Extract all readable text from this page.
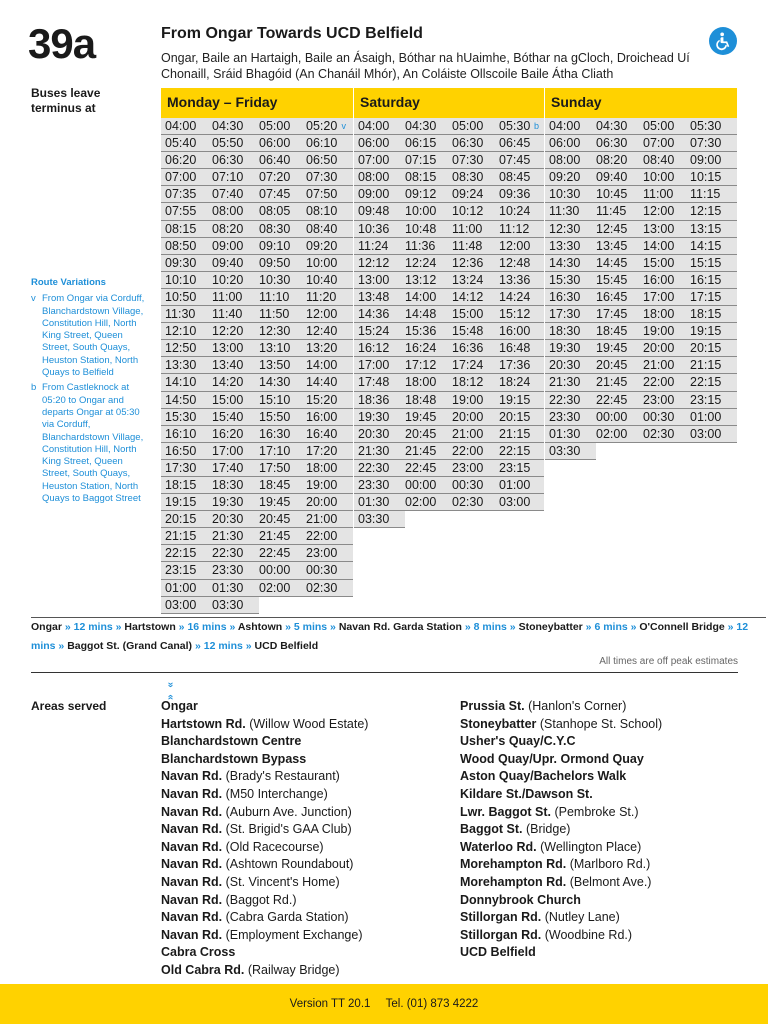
39a	From Ongar Towards UCD Belfield
Ongar, Baile an Hartaigh, Baile an Ásaigh, Bóthar na hUaimhe, Bóthar na gCloch, Droichead Uí Chonaill, Sráid Bhagóid (An Chanáil Mhór), An Coláiste Ollscoile Baile Átha Cliath
Buses leave terminus at
Route Variations
v From Ongar via Corduff, Blanchardstown Village, Constitution Hill, North King Street, Queen Street, South Quays, Heuston Station, North Quays to Belfield
b From Castleknock at 05:20 to Ongar and departs Ongar at 05:30 via Corduff, Blanchardstown Village, Constitution Hill, North King Street, Queen Street, South Quays, Heuston Station, North Quays to Baggot Street
Monday – Friday
04:00	04:30	05:00	05:20 v
05:40	05:50	06:00	06:10
06:20	06:30	06:40	06:50
07:00	07:10	07:20	07:30
07:35	07:40	07:45	07:50
07:55	08:00	08:05	08:10
08:15	08:20	08:30	08:40
08:50	09:00	09:10	09:20
09:30	09:40	09:50	10:00
10:10	10:20	10:30	10:40
10:50	11:00	11:10	11:20
11:30	11:40	11:50	12:00
12:10	12:20	12:30	12:40
12:50	13:00	13:10	13:20
13:30	13:40	13:50	14:00
14:10	14:20	14:30	14:40
14:50	15:00	15:10	15:20
15:30	15:40	15:50	16:00
16:10	16:20	16:30	16:40
16:50	17:00	17:10	17:20
17:30	17:40	17:50	18:00
18:15	18:30	18:45	19:00
19:15	19:30	19:45	20:00
20:15	20:30	20:45	21:00
21:15	21:30	21:45	22:00
22:15	22:30	22:45	23:00
23:15	23:30	00:00	00:30
01:00	01:30	02:00	02:30
03:00	03:30
Saturday
04:00	04:30	05:00	05:30 b
06:00	06:15	06:30	06:45
07:00	07:15	07:30	07:45
08:00	08:15	08:30	08:45
09:00	09:12	09:24	09:36
09:48	10:00	10:12	10:24
10:36	10:48	11:00	11:12
11:24	11:36	11:48	12:00
12:12	12:24	12:36	12:48
13:00	13:12	13:24	13:36
13:48	14:00	14:12	14:24
14:36	14:48	15:00	15:12
15:24	15:36	15:48	16:00
16:12	16:24	16:36	16:48
17:00	17:12	17:24	17:36
17:48	18:00	18:12	18:24
18:36	18:48	19:00	19:15
19:30	19:45	20:00	20:15
20:30	20:45	21:00	21:15
21:30	21:45	22:00	22:15
22:30	22:45	23:00	23:15
23:30	00:00	00:30	01:00
01:30	02:00	02:30	03:00
03:30
Sunday
04:00	04:30	05:00	05:30
06:00	06:30	07:00	07:30
08:00	08:20	08:40	09:00
09:20	09:40	10:00	10:15
10:30	10:45	11:00	11:15
11:30	11:45	12:00	12:15
12:30	12:45	13:00	13:15
13:30	13:45	14:00	14:15
14:30	14:45	15:00	15:15
15:30	15:45	16:00	16:15
16:30	16:45	17:00	17:15
17:30	17:45	18:00	18:15
18:30	18:45	19:00	19:15
19:30	19:45	20:00	20:15
20:30	20:45	21:00	21:15
21:30	21:45	22:00	22:15
22:30	22:45	23:00	23:15
23:30	00:00	00:30	01:00
01:30	02:00	02:30	03:00
03:30
Ongar » 12 mins » Hartstown » 16 mins » Ashtown » 5 mins » Navan Rd. Garda Station » 8 mins » Stoneybatter » 6 mins » O'Connell Bridge » 12 mins » Baggot St. (Grand Canal) » 12 mins » UCD Belfield
All times are off peak estimates
» «
Areas served	Ongar
Hartstown Rd. (Willow Wood Estate)
Blanchardstown Centre
Blanchardstown Bypass
Navan Rd. (Brady's Restaurant)
Navan Rd. (M50 Interchange)
Navan Rd. (Auburn Ave. Junction)
Navan Rd. (St. Brigid's GAA Club)
Navan Rd. (Old Racecourse)
Navan Rd. (Ashtown Roundabout)
Navan Rd. (St. Vincent's Home)
Navan Rd. (Baggot Rd.)
Navan Rd. (Cabra Garda Station)
Navan Rd. (Employment Exchange)
Cabra Cross
Old Cabra Rd. (Railway Bridge)
Prussia St. (Hanlon's Corner)
Stoneybatter (Stanhope St. School)
Usher's Quay/C.Y.C
Wood Quay/Upr. Ormond Quay
Aston Quay/Bachelors Walk
Kildare St./Dawson St.
Lwr. Baggot St. (Pembroke St.)
Baggot St. (Bridge)
Waterloo Rd. (Wellington Place)
Morehampton Rd. (Marlboro Rd.)
Morehampton Rd. (Belmont Ave.)
Donnybrook Church
Stillorgan Rd. (Nutley Lane)
Stillorgan Rd. (Woodbine Rd.)
UCD Belfield
Version TT 20.1 Tel. (01) 873 4222
